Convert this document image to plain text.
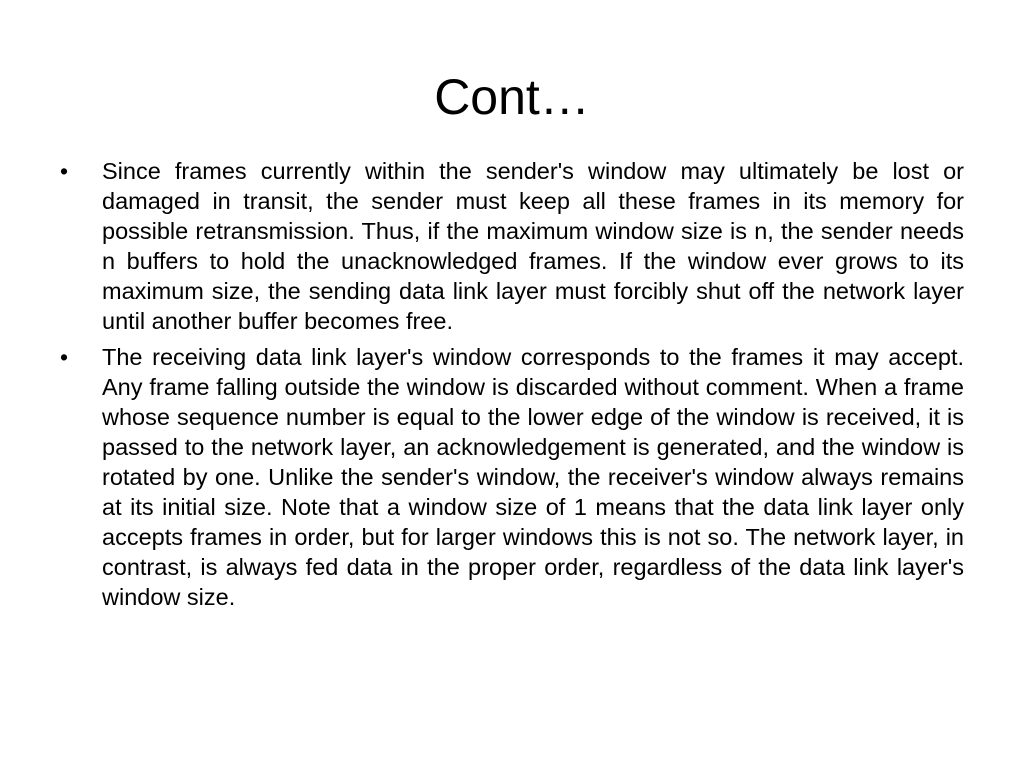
Cont…
•	Since frames currently within the sender's window may ultimately be lost or damaged in transit, the sender must keep all these frames in its memory for possible retransmission. Thus, if the maximum window size is n, the sender needs n buffers to hold the unacknowledged frames. If the window ever grows to its maximum size, the sending data link layer must forcibly shut off the network layer until another buffer becomes free.
•	The receiving data link layer's window corresponds to the frames it may accept. Any frame falling outside the window is discarded without comment. When a frame whose sequence number is equal to the lower edge of the window is received, it is passed to the network layer, an acknowledgement is generated, and the window is rotated by one. Unlike the sender's window, the receiver's window always remains at its initial size. Note that a window size of 1 means that the data link layer only accepts frames in order, but for larger windows this is not so. The network layer, in contrast, is always fed data in the proper order, regardless of the data link layer's window size.
